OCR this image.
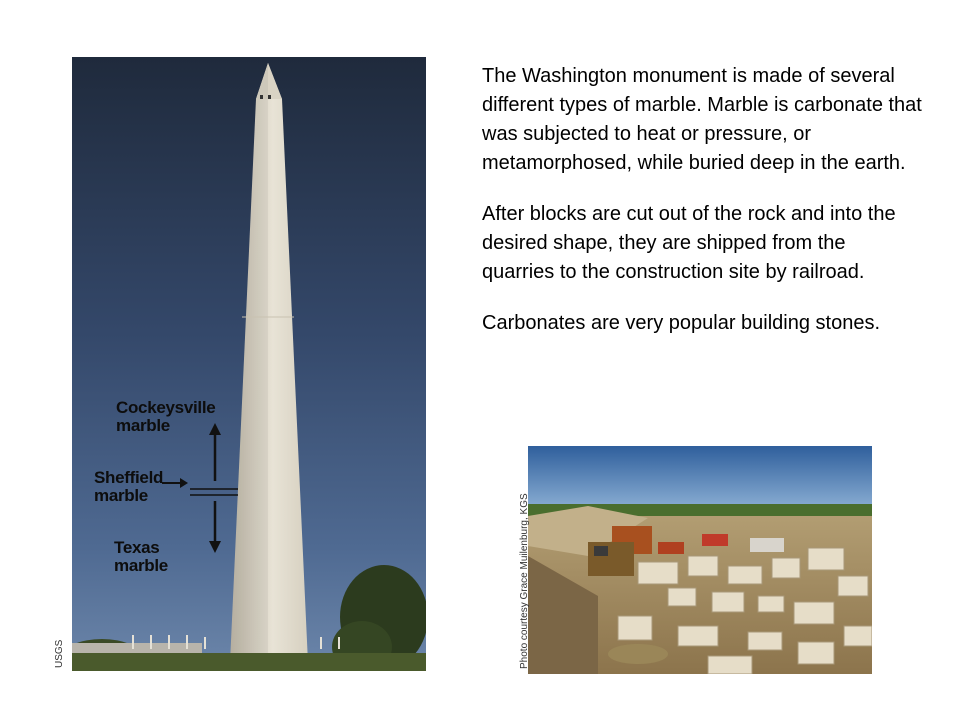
Cockeysville
marble
Sheffield
marble
Texas
marble
USGS

The Washington monument is made of several different types of marble. Marble is carbonate that was subjected to heat or pressure, or metamorphosed, while buried deep in the earth.

After blocks are cut out of the rock and into the desired shape, they are shipped from the quarries to the construction site by railroad.

Carbonates are very popular building stones.

Photo courtesy Grace Muilenburg, KGS
